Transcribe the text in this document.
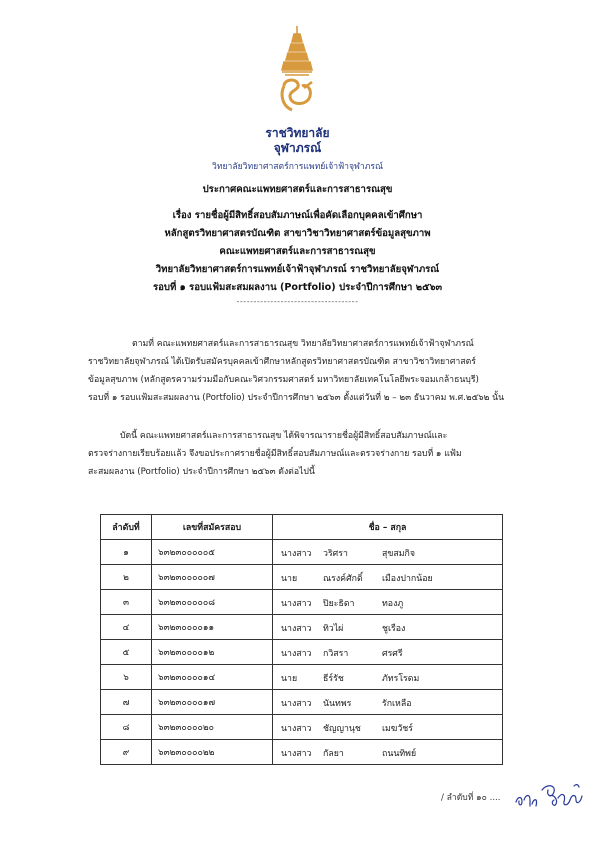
ราชวิทยาลัย
จุฬาภรณ์
วิทยาลัยวิทยาศาสตร์การแพทย์เจ้าฟ้าจุฬาภรณ์
ประกาศคณะแพทยศาสตร์และการสาธารณสุข
เรื่อง รายชื่อผู้มีสิทธิ์สอบสัมภาษณ์เพื่อคัดเลือกบุคคลเข้าศึกษา
หลักสูตรวิทยาศาสตรบัณฑิต สาขาวิชาวิทยาศาสตร์ข้อมูลสุขภาพ
คณะแพทยศาสตร์และการสาธารณสุข
วิทยาลัยวิทยาศาสตร์การแพทย์เจ้าฟ้าจุฬาภรณ์ ราชวิทยาลัยจุฬาภรณ์
รอบที่ ๑ รอบแฟ้มสะสมผลงาน (Portfolio) ประจำปีการศึกษา ๒๕๖๓
------------------------------------
ตามที่ คณะแพทยศาสตร์และการสาธารณสุข วิทยาลัยวิทยาศาสตร์การแพทย์เจ้าฟ้าจุฬาภรณ์
ราชวิทยาลัยจุฬาภรณ์ ได้เปิดรับสมัครบุคคลเข้าศึกษาหลักสูตรวิทยาศาสตรบัณฑิต สาขาวิชาวิทยาศาสตร์
ข้อมูลสุขภาพ (หลักสูตรความร่วมมือกับคณะวิศวกรรมศาสตร์ มหาวิทยาลัยเทคโนโลยีพระจอมเกล้าธนบุรี)
รอบที่ ๑ รอบแฟ้มสะสมผลงาน (Portfolio) ประจำปีการศึกษา ๒๕๖๓ ตั้งแต่วันที่ ๒ – ๒๓ ธันวาคม พ.ศ.๒๕๖๒ นั้น
บัดนี้ คณะแพทยศาสตร์และการสาธารณสุข ได้พิจารณารายชื่อผู้มีสิทธิ์สอบสัมภาษณ์และ
ตรวจร่างกายเรียบร้อยแล้ว จึงขอประกาศรายชื่อผู้มีสิทธิ์สอบสัมภาษณ์และตรวจร่างกาย รอบที่ ๑ แฟ้ม
สะสมผลงาน (Portfolio) ประจำปีการศึกษา ๒๕๖๓ ดังต่อไปนี้
ลำดับที่	เลขที่สมัครสอบ	ชื่อ – สกุล
๑	๖๓๒๓๐๐๐๐๐๕	นางสาว วริศรา สุขสมกิจ

๒	๖๓๒๓๐๐๐๐๐๗	นาย ณรงค์ศักดิ์ เมืองปากน้อย

๓	๖๓๒๓๐๐๐๐๐๘	นางสาว ปิยะธิดา ทองภู

๔	๖๓๒๓๐๐๐๐๑๑	นางสาว ทิวไผ่ ชูเรือง

๕	๖๓๒๓๐๐๐๐๑๒	นางสาว กวิสรา ศรศรี

๖	๖๓๒๓๐๐๐๐๑๔	นาย ธีร์รัช ภัทรโรดม

๗	๖๓๒๓๐๐๐๐๑๗	นางสาว นันทพร รักเหลือ

๘	๖๓๒๓๐๐๐๐๒๐	นางสาว ชัญญานุช เมฆวัชร์

๙	๖๓๒๓๐๐๐๐๒๒	นางสาว กัลยา ถนนทิพย์
/ ลำดับที่ ๑๐ ....
